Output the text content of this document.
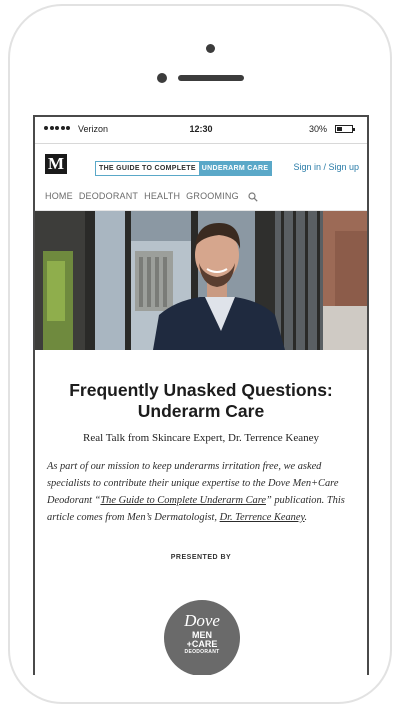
Verizon	12:30	30%
M	THE GUIDE TO COMPLETE UNDERARM CARE	Sign in / Sign up
HOME DEODORANT HEALTH GROOMING
Frequently Unasked Questions: Underarm Care
Real Talk from Skincare Expert, Dr. Terrence Keaney
As part of our mission to keep underarms irritation free, we asked specialists to contribute their unique expertise to the Dove Men+Care Deodorant “The Guide to Complete Underarm Care” publication. This article comes from Men’s Dermatologist, Dr. Terrence Keaney.
PRESENTED BY
Dove
MEN
+CARE
DEODORANT
